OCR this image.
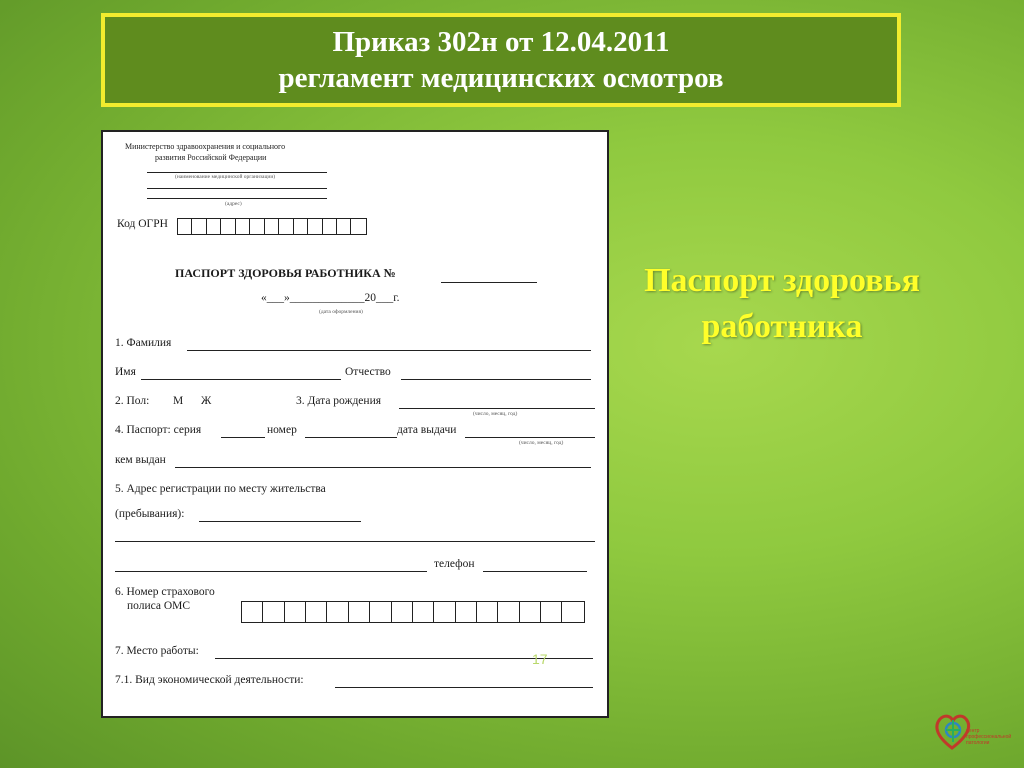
Приказ 302н от 12.04.2011
регламент медицинских осмотров
Министерство здравоохранения и социального
развития Российской Федерации
(наименование медицинской организации)
(адрес)
Код ОГРН
ПАСПОРТ ЗДОРОВЬЯ РАБОТНИКА №
«___»_____________20___г.
(дата оформления)
1. Фамилия
Имя	Отчество
2. Пол: М Ж	3. Дата рождения
(число, месяц, год)
4. Паспорт: серия	номер	дата выдачи
(число, месяц, год)
кем выдан
5. Адрес регистрации по месту жительства
(пребывания):
телефон
6. Номер страхового
полиса ОМС
7. Место работы:
7.1. Вид экономической деятельности:
17
Паспорт здоровья
работника
центр
профессиональной
патологии
